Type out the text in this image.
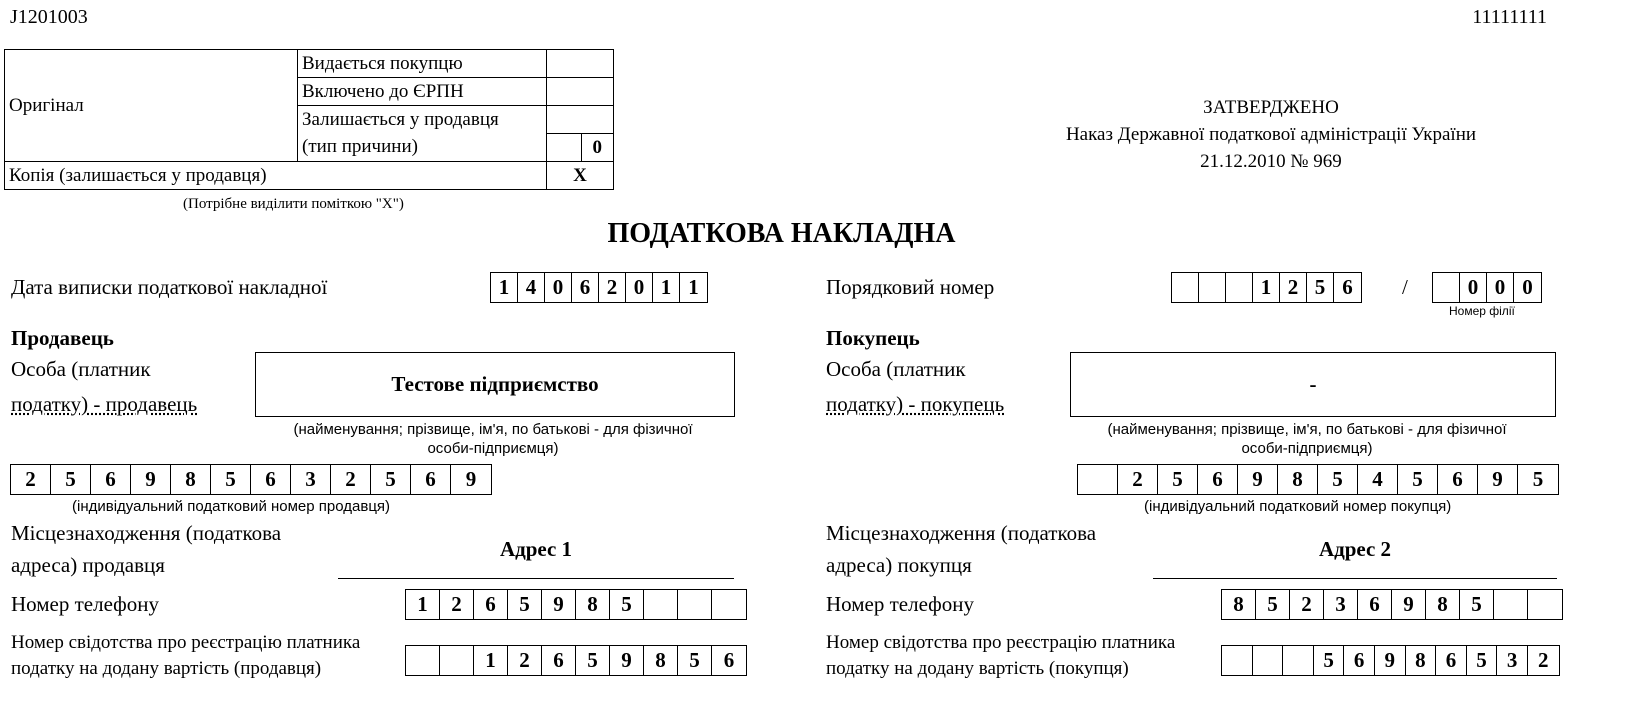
J1201003	11111111
Оригінал	Видається покупцю		
	Включено до ЄРПН		
	Залишається у продавця		
	(тип причини)		0
Копія (залишається у продавця)		X	
(Потрібне виділити поміткою "Х")
ЗАТВЕРДЖЕНО
Наказ Державної податкової адміністрації України
21.12.2010 № 969
ПОДАТКОВА НАКЛАДНА
Дата виписки податкової накладної	1 4 0 6 2 0 1 1	Порядковий номер	1 2 5 6	/	0 0 0
Номер філії
Продавець
Особа (платник
податку) - продавець
Тестове підприємство
(найменування; прізвище, ім'я, по батькові - для фізичної
особи-підприємця)
2	5	6	9	8	5	6	3	2	5	6	9
(індивідуальний податковий номер продавця)
Місцезнаходження (податкова
адреса) продавця
Адрес 1
Номер телефону	1	2	6	5	9	8	5
Номер свідотства про реєстрацію платника
податку на додану вартість (продавця)	1	2	6	5	9	8	5	6
Покупець
Особа (платник
податку) - покупець
-
(найменування; прізвище, ім'я, по батькові - для фізичної
особи-підприємця)
2	5	6	9	8	5	4	5	6	9	5
(індивідуальний податковий номер покупця)
Місцезнаходження (податкова
адреса) покупця
Адрес 2
Номер телефону	8	5	2	3	6	9	8	5
Номер свідотства про реєстрацію платника
податку на додану вартість (покупця)	5 6 9 8 6 5 3 2
